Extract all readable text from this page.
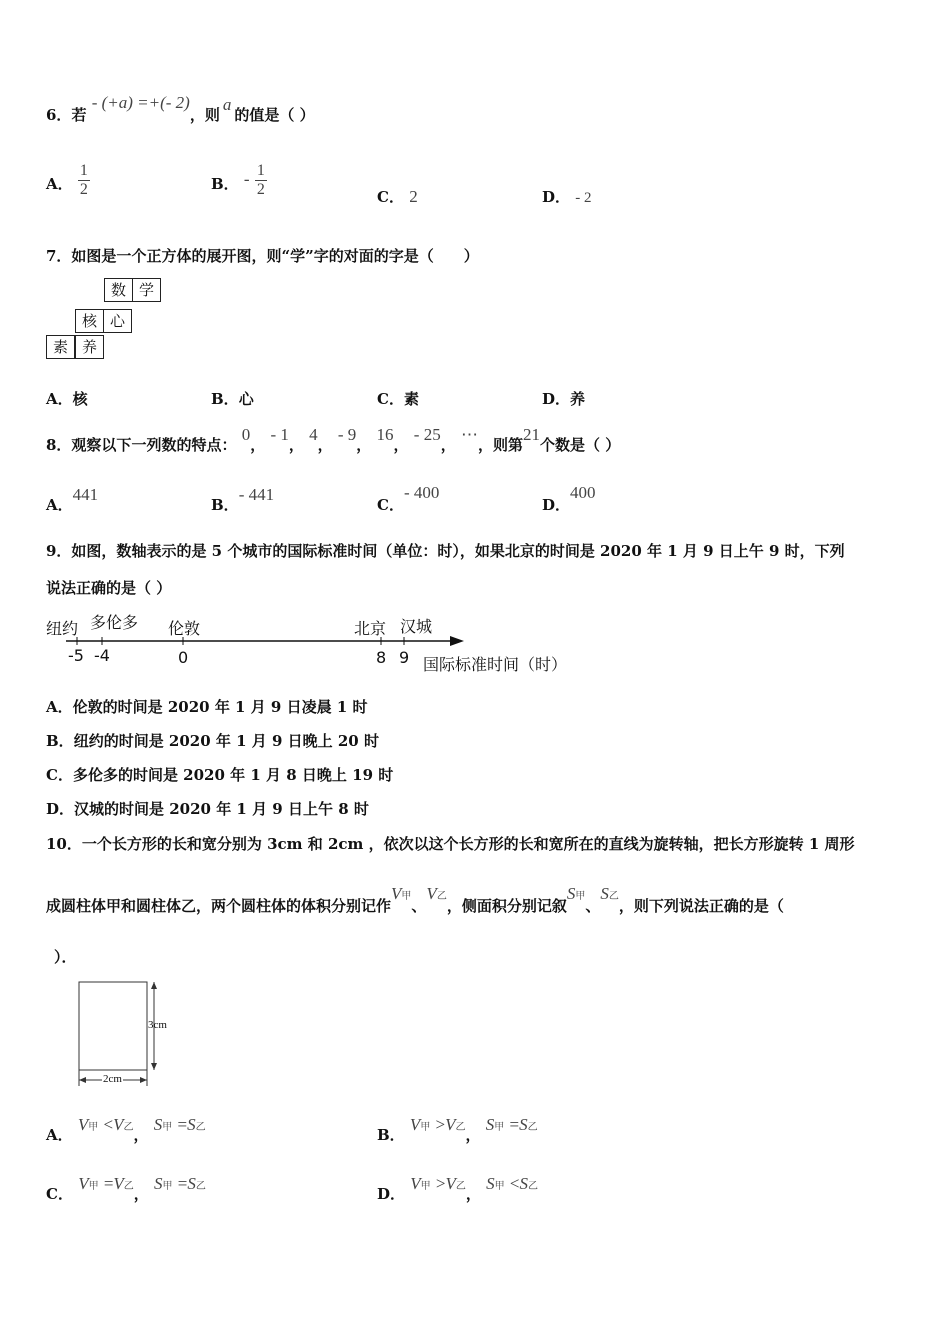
6．若 - (+a) =+(- 2)，则a的值是（ ）
A． $\frac{1}{2}$	B． - $\frac{1}{2}$	C． 2	D． - 2
7．如图是一个正方体的展开图，则“学”字的对面的字是（　　）
数 学
核 心
素 养
A．核	B．心	C．素	D．养
8．观察以下一列数的特点： 0， - 1， 4， - 9， 16， - 25， ⋯，则第21个数是（ ）
A．441
B．- 441
C．- 400
D．400
9．如图，数轴表示的是 5 个城市的国际标准时间（单位：时），如果北京的时间是 2020 年 1 月 9 日上午 9 时，下列
说法正确的是（ ）
纽约 多伦多 伦敦	北京 汉城
-5 -4	0	8 9 国际标准时间（时）
A．伦敦的时间是 2020 年 1 月 9 日凌晨 1 时
B．纽约的时间是 2020 年 1 月 9 日晚上 20 时
C．多伦多的时间是 2020 年 1 月 8 日晚上 19 时
D．汉城的时间是 2020 年 1 月 9 日上午 8 时
10．一个长方形的长和宽分别为 3cm 和 2cm ，依次以这个长方形的长和宽所在的直线为旋转轴，把长方形旋转 1 周形
成圆柱体甲和圆柱体乙，两个圆柱体的体积分别记作V甲、V乙，侧面积分别记叙S甲、S乙，则下列说法正确的是（
）．
3cm
2cm
A． V甲 <V乙， S甲 =S乙	B． V甲 >V乙， S甲 =S乙
C． V甲 =V乙， S甲 =S乙	D． V甲 >V乙， S甲 <S乙
